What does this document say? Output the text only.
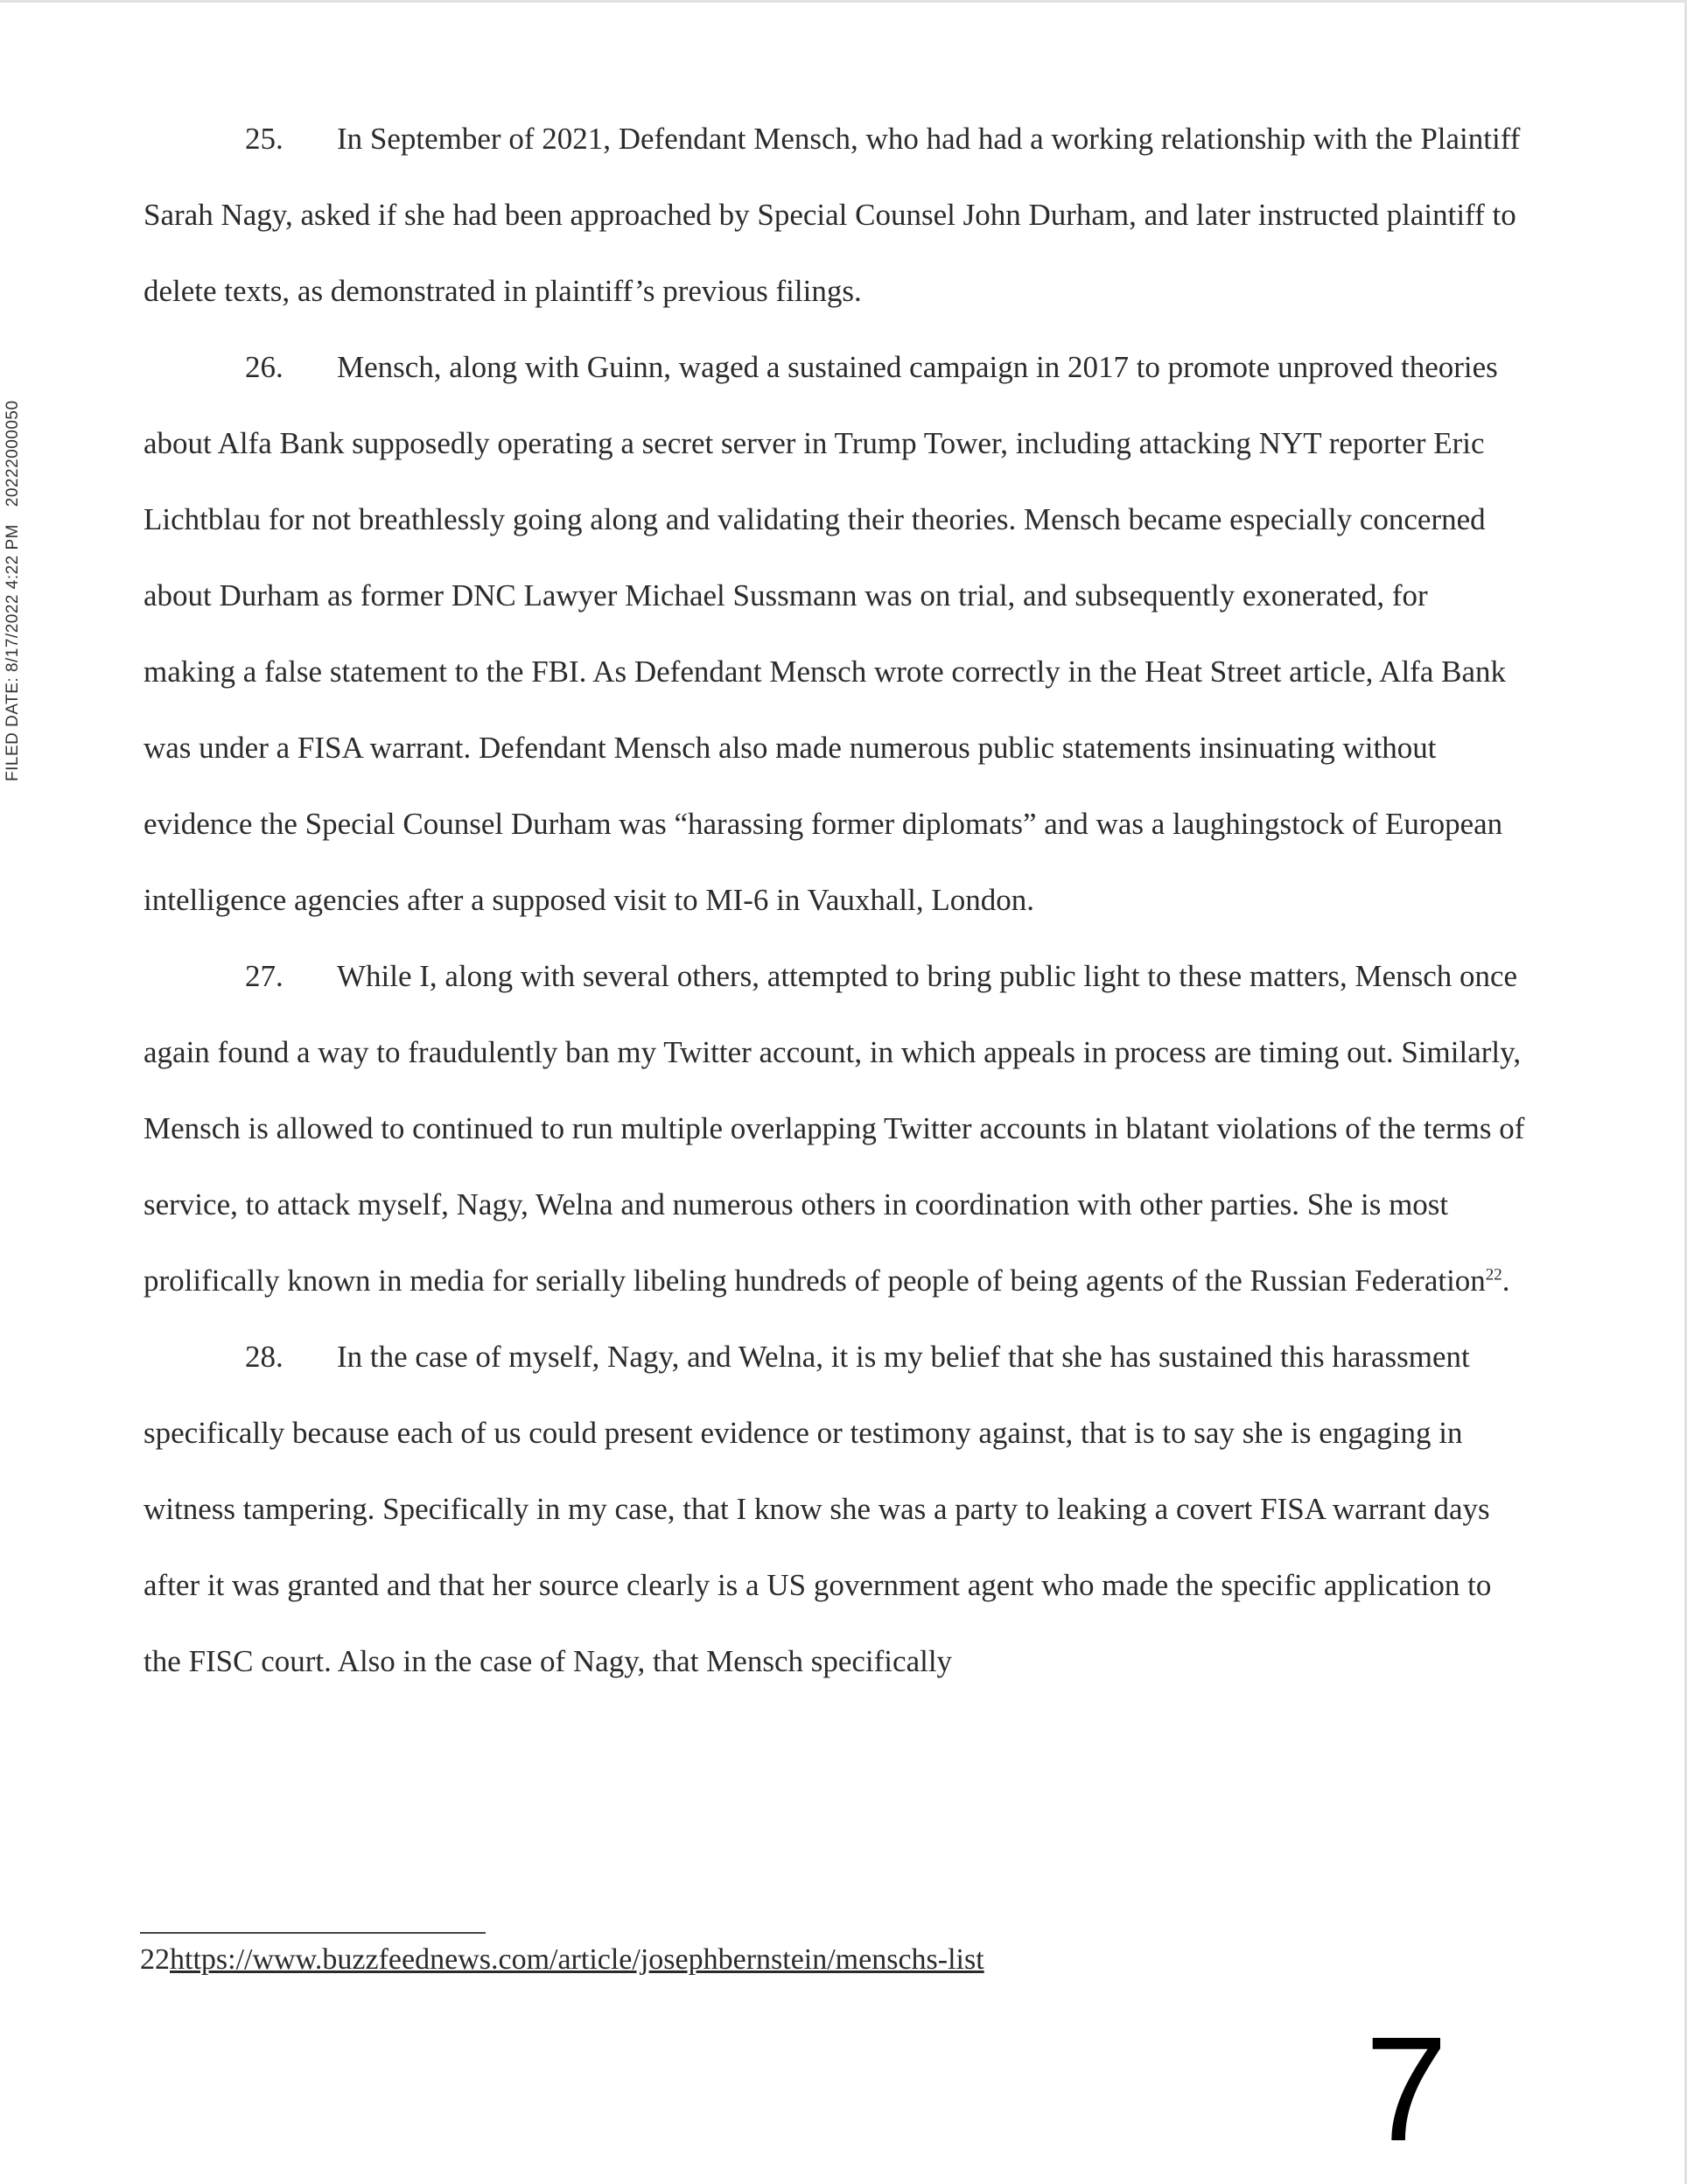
FILED DATE: 8/17/2022 4:22 PM 20222000050

25. In September of 2021, Defendant Mensch, who had had a working relationship with the Plaintiff Sarah Nagy, asked if she had been approached by Special Counsel John Durham, and later instructed plaintiff to delete texts, as demonstrated in plaintiff’s previous filings.

26. Mensch, along with Guinn, waged a sustained campaign in 2017 to promote unproved theories about Alfa Bank supposedly operating a secret server in Trump Tower, including attacking NYT reporter Eric Lichtblau for not breathlessly going along and validating their theories. Mensch became especially concerned about Durham as former DNC Lawyer Michael Sussmann was on trial, and subsequently exonerated, for making a false statement to the FBI. As Defendant Mensch wrote correctly in the Heat Street article, Alfa Bank was under a FISA warrant. Defendant Mensch also made numerous public statements insinuating without evidence the Special Counsel Durham was “harassing former diplomats” and was a laughingstock of European intelligence agencies after a supposed visit to MI-6 in Vauxhall, London.

27. While I, along with several others, attempted to bring public light to these matters, Mensch once again found a way to fraudulently ban my Twitter account, in which appeals in process are timing out. Similarly, Mensch is allowed to continued to run multiple overlapping Twitter accounts in blatant violations of the terms of service, to attack myself, Nagy, Welna and numerous others in coordination with other parties. She is most prolifically known in media for serially libeling hundreds of people of being agents of the Russian Federation$^{22}$.

28. In the case of myself, Nagy, and Welna, it is my belief that she has sustained this harassment specifically because each of us could present evidence or testimony against, that is to say she is engaging in witness tampering. Specifically in my case, that I know she was a party to leaking a covert FISA warrant days after it was granted and that her source clearly is a US government agent who made the specific application to the FISC court. Also in the case of Nagy, that Mensch specifically

22https://www.buzzfeednews.com/article/josephbernstein/menschs-list
7
